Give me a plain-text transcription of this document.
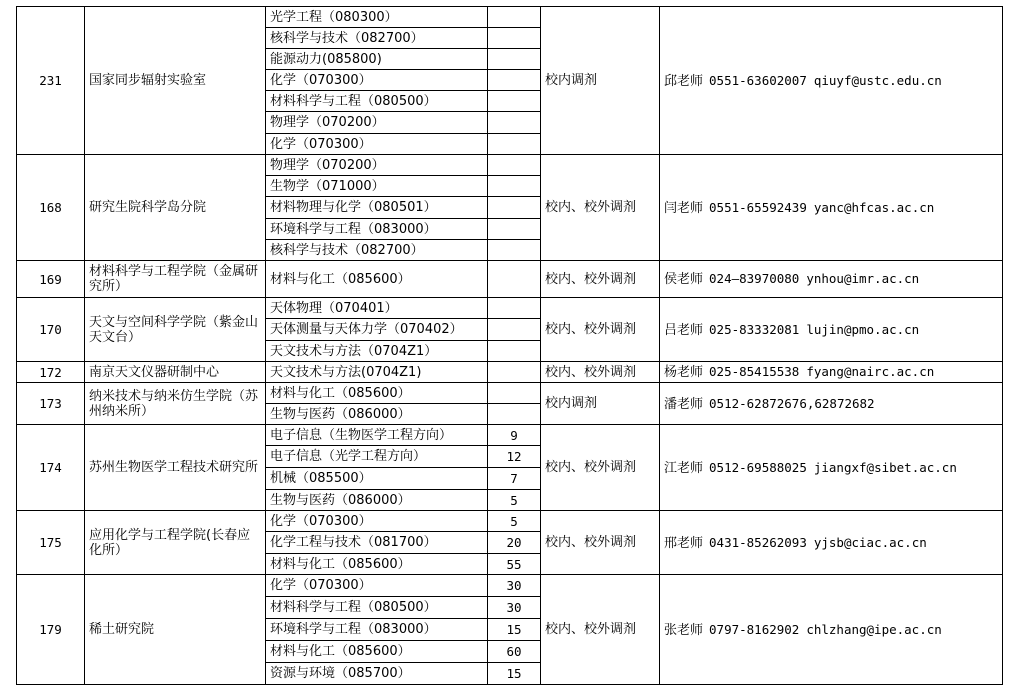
231	国家同步辐射实验室	光学工程（080300）		校内调剂	邱老师 0551-63602007 qiuyf@ustc.edu.cn
		核科学与技术（082700）			
		能源动力(085800)			
		化学（070300）			
		材料科学与工程（080500）			
		物理学（070200）			
		化学（070300）			
168	研究生院科学岛分院	物理学（070200）		校内、校外调剂	闫老师 0551-65592439 yanc@hfcas.ac.cn
		生物学（071000）			
		材料物理与化学（080501）			
		环境科学与工程（083000）			
		核科学与技术（082700）			
169	材料科学与工程学院（金属研究所）	材料与化工（085600）		校内、校外调剂	侯老师 024—83970080 ynhou@imr.ac.cn
170	天文与空间科学学院（紫金山天文台）	天体物理（070401）		校内、校外调剂	吕老师 025-83332081 lujin@pmo.ac.cn
		天体测量与天体力学（070402）			
		天文技术与方法（0704Z1）			
172	南京天文仪器研制中心	天文技术与方法(0704Z1)		校内、校外调剂	杨老师 025-85415538 fyang@nairc.ac.cn
173	纳米技术与纳米仿生学院（苏州纳米所）	材料与化工（085600）		校内调剂	潘老师 0512-62872676,62872682
		生物与医药（086000）			
174	苏州生物医学工程技术研究所	电子信息（生物医学工程方向）	9	校内、校外调剂	江老师 0512-69588025 jiangxf@sibet.ac.cn
		电子信息（光学工程方向）	12		
		机械（085500）	7		
		生物与医药（086000）	5		
175	应用化学与工程学院(长春应化所）	化学（070300）	5	校内、校外调剂	邢老师 0431-85262093 yjsb@ciac.ac.cn
		化学工程与技术（081700）	20		
		材料与化工（085600）	55		
179	稀土研究院	化学（070300）	30	校内、校外调剂	张老师 0797-8162902 chlzhang@ipe.ac.cn
		材料科学与工程（080500）	30		
		环境科学与工程（083000）	15		
		材料与化工（085600）	60		
		资源与环境（085700）	15		
